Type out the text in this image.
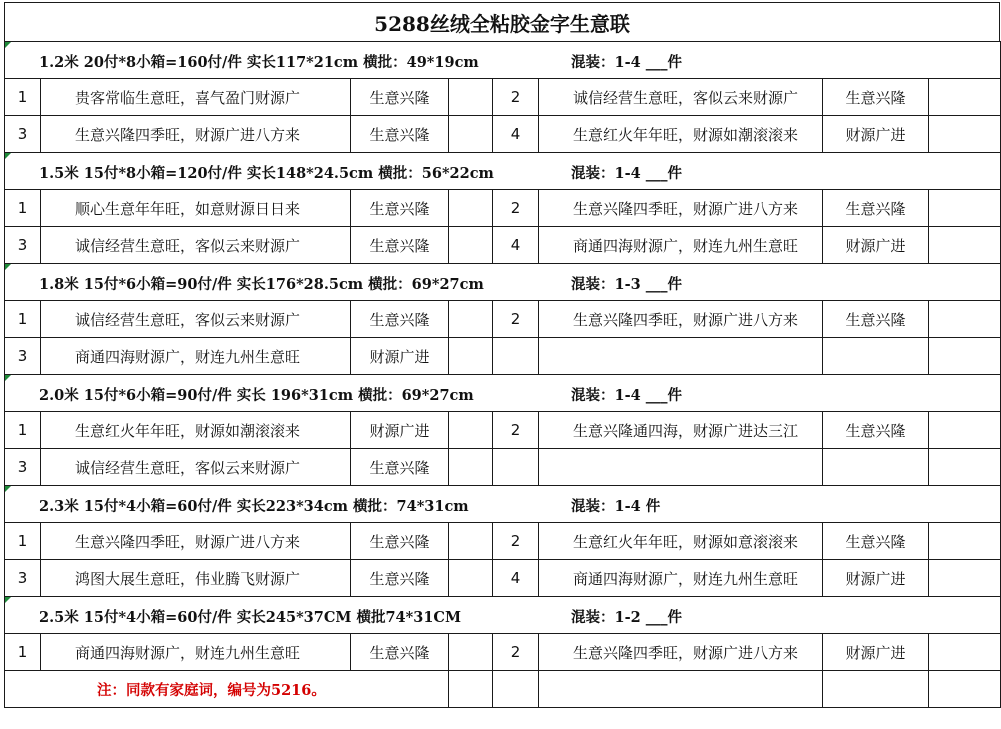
5288丝绒全粘胶金字生意联
1.2米 20付*8小箱=160付/件 实长117*21cm 横批：49*19cm 混装：1-4 ___件							

1	贵客常临生意旺，喜气盈门财源广	生意兴隆		2	诚信经营生意旺，客似云来财源广	生意兴隆	
3	生意兴隆四季旺，财源广进八方来	生意兴隆		4	生意红火年年旺，财源如潮滚滚来	财源广进	

1.5米 15付*8小箱=120付/件 实长148*24.5cm 横批：56*22cm 混装：1-4 ___件							

1	顺心生意年年旺，如意财源日日来	生意兴隆		2	生意兴隆四季旺，财源广进八方来	生意兴隆	
3	诚信经营生意旺，客似云来财源广	生意兴隆		4	商通四海财源广，财连九州生意旺	财源广进	

1.8米 15付*6小箱=90付/件 实长176*28.5cm 横批：69*27cm 混装：1-3 ___件							

1	诚信经营生意旺，客似云来财源广	生意兴隆		2	生意兴隆四季旺，财源广进八方来	生意兴隆	
3	商通四海财源广，财连九州生意旺	财源广进					

2.0米 15付*6小箱=90付/件 实长 196*31cm 横批：69*27cm 混装：1-4 ___件							

1	生意红火年年旺，财源如潮滚滚来	财源广进		2	生意兴隆通四海，财源广进达三江	生意兴隆	
3	诚信经营生意旺，客似云来财源广	生意兴隆					

2.3米 15付*4小箱=60付/件 实长223*34cm 横批：74*31cm 混装：1-4 件							

1	生意兴隆四季旺，财源广进八方来	生意兴隆		2	生意红火年年旺，财源如意滚滚来	生意兴隆	
3	鸿图大展生意旺，伟业腾飞财源广	生意兴隆		4	商通四海财源广，财连九州生意旺	财源广进	

2.5米 15付*4小箱=60付/件 实长245*37CM 横批74*31CM 混装：1-2 ___件							

1	商通四海财源广，财连九州生意旺	生意兴隆		2	生意兴隆四季旺，财源广进八方来	财源广进	
注：同款有家庭词，编号为5216。							
